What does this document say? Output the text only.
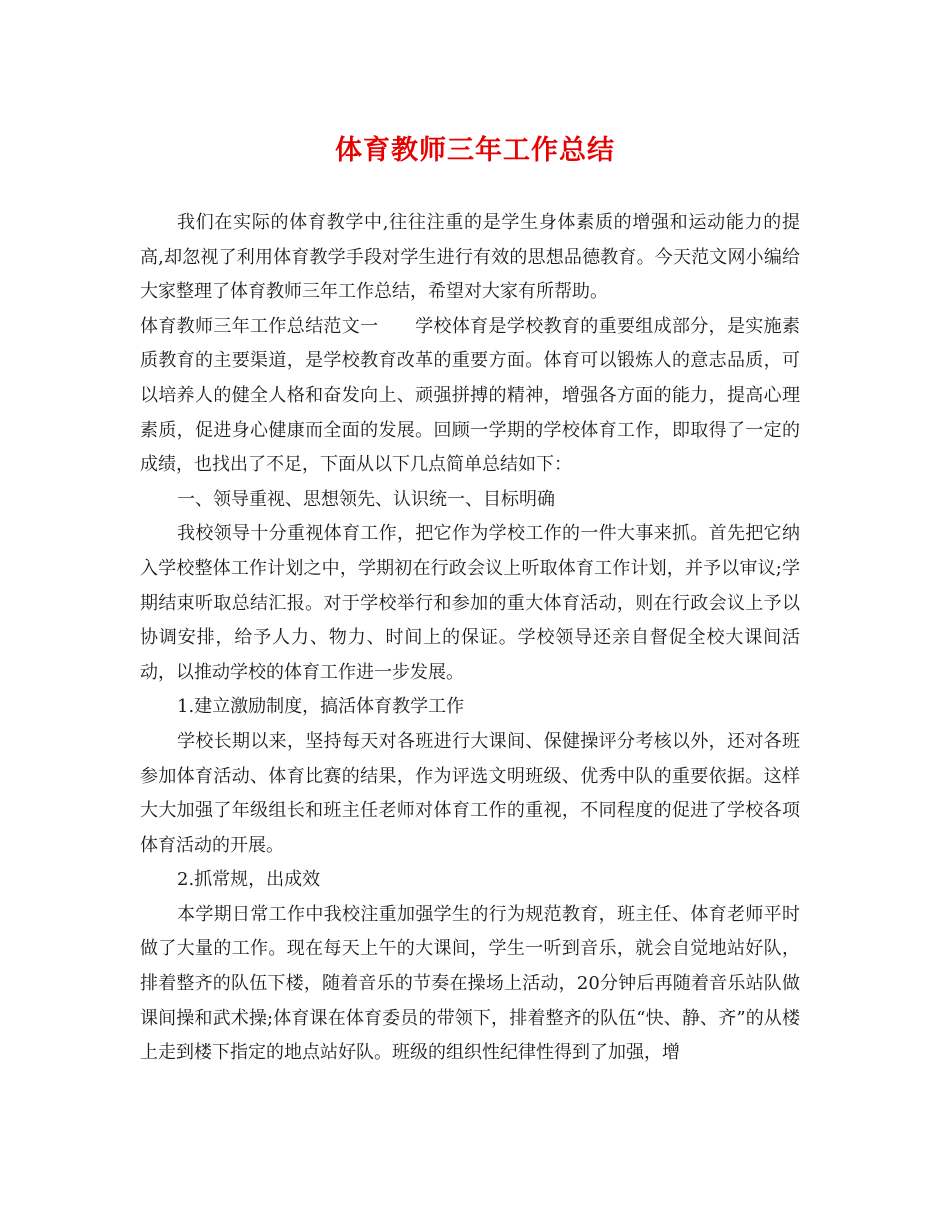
体育教师三年工作总结

我们在实际的体育教学中,往往注重的是学生身体素质的增强和运动能力的提高,却忽视了利用体育教学手段对学生进行有效的思想品德教育。今天范文网小编给大家整理了体育教师三年工作总结，希望对大家有所帮助。

体育教师三年工作总结范文一　　学校体育是学校教育的重要组成部分，是实施素质教育的主要渠道，是学校教育改革的重要方面。体育可以锻炼人的意志品质，可以培养人的健全人格和奋发向上、顽强拼搏的精神，增强各方面的能力，提高心理素质，促进身心健康而全面的发展。回顾一学期的学校体育工作，即取得了一定的成绩，也找出了不足，下面从以下几点简单总结如下：

一、领导重视、思想领先、认识统一、目标明确

我校领导十分重视体育工作，把它作为学校工作的一件大事来抓。首先把它纳入学校整体工作计划之中，学期初在行政会议上听取体育工作计划，并予以审议;学期结束听取总结汇报。对于学校举行和参加的重大体育活动，则在行政会议上予以协调安排，给予人力、物力、时间上的保证。学校领导还亲自督促全校大课间活动，以推动学校的体育工作进一步发展。

1.建立激励制度，搞活体育教学工作

学校长期以来，坚持每天对各班进行大课间、保健操评分考核以外，还对各班参加体育活动、体育比赛的结果，作为评选文明班级、优秀中队的重要依据。这样大大加强了年级组长和班主任老师对体育工作的重视，不同程度的促进了学校各项体育活动的开展。

2.抓常规，出成效

本学期日常工作中我校注重加强学生的行为规范教育，班主任、体育老师平时做了大量的工作。现在每天上午的大课间，学生一听到音乐，就会自觉地站好队，排着整齐的队伍下楼，随着音乐的节奏在操场上活动，20分钟后再随着音乐站队做课间操和武术操;体育课在体育委员的带领下，排着整齐的队伍“快、静、齐”的从楼上走到楼下指定的地点站好队。班级的组织性纪律性得到了加强，增
